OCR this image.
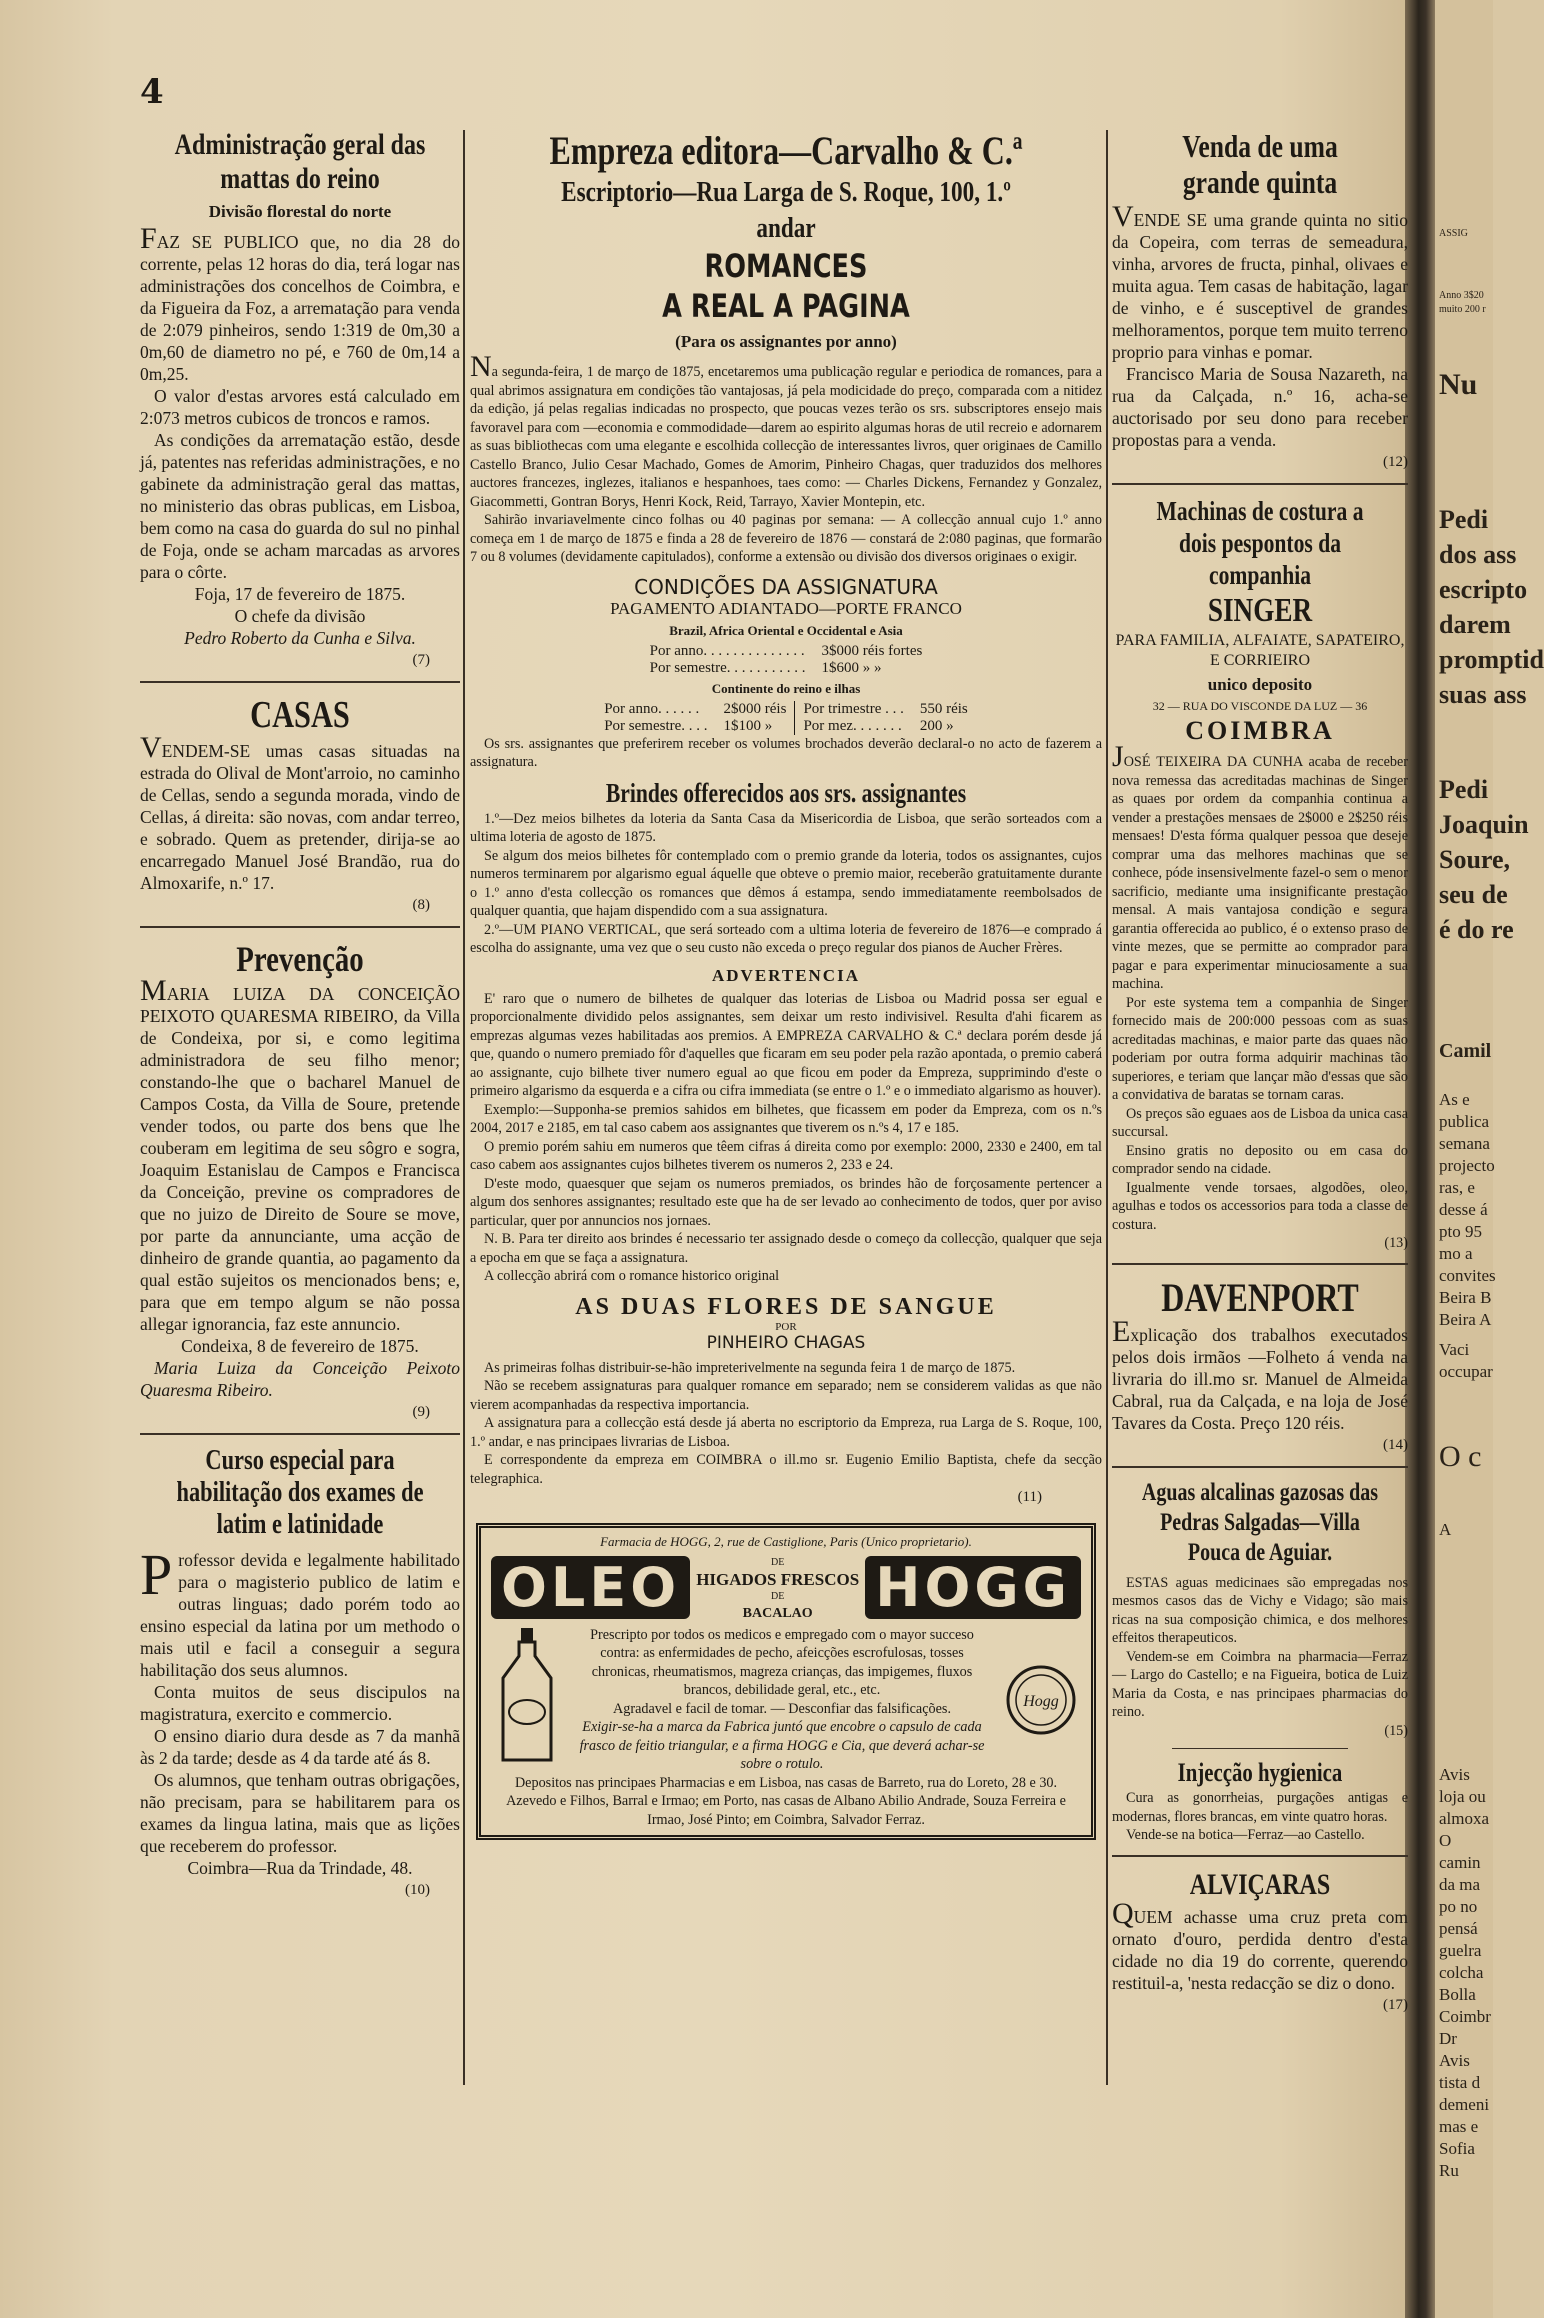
ASSIG
Anno 3$20
muito 200 r
Nu
Pedi
dos ass
escripto
darem
promptid
suas ass
Pedi
Joaquin
Soure,
seu de
é do re
Camil
As e
publica
semana
projecto
ras, e
desse á
pto 95
mo a
convites
Beira B
Beira A
Vaci
occupar
O c
A
Avis
loja ou
almoxa
O
camin
da ma
po no
pensá
guelra
colcha
Bolla
Coimbr
Dr
Avis
tista d
demeni
mas e
Sofia
Ru
4
Administração geral das mattas do reino
Divisão florestal do norte

FAZ SE PUBLICO que, no dia 28 do corrente, pelas 12 horas do dia, terá logar nas administrações dos concelhos de Coimbra, e da Figueira da Foz, a arrematação para venda de 2:079 pinheiros, sendo 1:319 de 0m,30 a 0m,60 de diametro no pé, e 760 de 0m,14 a 0m,25.

O valor d'estas arvores está calculado em 2:073 metros cubicos de troncos e ramos.

As condições da arrematação estão, desde já, patentes nas referidas administrações, e no gabinete da administração geral das mattas, no ministerio das obras publicas, em Lisboa, bem como na casa do guarda do sul no pinhal de Foja, onde se acham marcadas as arvores para o côrte.

Foja, 17 de fevereiro de 1875.

O chefe da divisão

Pedro Roberto da Cunha e Silva.

(7)

CASAS

VENDEM-SE umas casas situadas na estrada do Olival de Mont'arroio, no caminho de Cellas, sendo a segunda morada, vindo de Cellas, á direita: são novas, com andar terreo, e sobrado. Quem as pretender, dirija-se ao encarregado Manuel José Brandão, rua do Almoxarife, n.º 17.

(8)

Prevenção

MARIA LUIZA DA CONCEIÇÃO PEIXOTO QUARESMA RIBEIRO, da Villa de Condeixa, por si, e como legitima administradora de seu filho menor; constando-lhe que o bacharel Manuel de Campos Costa, da Villa de Soure, pretende vender todos, ou parte dos bens que lhe couberam em legitima de seu sôgro e sogra, Joaquim Estanislau de Campos e Francisca da Conceição, previne os compradores de que no juizo de Direito de Soure se move, por parte da annunciante, uma acção de dinheiro de grande quantia, ao pagamento da qual estão sujeitos os mencionados bens; e, para que em tempo algum se não possa allegar ignorancia, faz este annuncio.

Condeixa, 8 de fevereiro de 1875.

Maria Luiza da Conceição Peixoto Quaresma Ribeiro.

(9)

Curso especial para habilitação dos exames de latim e latinidade

Professor devida e legalmente habilitado para o magisterio publico de latim e outras linguas; dado porém todo ao ensino especial da latina por um methodo o mais util e facil a conseguir a segura habilitação dos seus alumnos.

Conta muitos de seus discipulos na magistratura, exercito e commercio.

O ensino diario dura desde as 7 da manhã às 2 da tarde; desde as 4 da tarde até ás 8.

Os alumnos, que tenham outras obrigações, não precisam, para se habilitarem para os exames da lingua latina, mais que as lições que receberem do professor.

Coimbra—Rua da Trindade, 48.

(10)

Empreza editora—Carvalho & C.ª
Escriptorio—Rua Larga de S. Roque, 100, 1.º andar
ROMANCES
A REAL A PAGINA
(Para os assignantes por anno)

Na segunda-feira, 1 de março de 1875, encetaremos uma publicação regular e periodica de romances, para a qual abrimos assignatura em condições tão vantajosas, já pela modicidade do preço, comparada com a nitidez da edição, já pelas regalias indicadas no prospecto, que poucas vezes terão os srs. subscriptores ensejo mais favoravel para com —economia e commodidade—darem ao espirito algumas horas de util recreio e adornarem as suas bibliothecas com uma elegante e escolhida collecção de interessantes livros, quer originaes de Camillo Castello Branco, Julio Cesar Machado, Gomes de Amorim, Pinheiro Chagas, quer traduzidos dos melhores auctores francezes, inglezes, italianos e hespanhoes, taes como: — Charles Dickens, Fernandez y Gonzalez, Giacommetti, Gontran Borys, Henri Kock, Reid, Tarrayo, Xavier Montepin, etc.

Sahirão invariavelmente cinco folhas ou 40 paginas por semana: — A collecção annual cujo 1.º anno começa em 1 de março de 1875 e finda a 28 de fevereiro de 1876 — constará de 2:080 paginas, que formarão 7 ou 8 volumes (devidamente capitulados), conforme a extensão ou divisão dos diversos originaes o exigir.

CONDIÇÕES DA ASSIGNATURA
PAGAMENTO ADIANTADO—PORTE FRANCO
Brazil, Africa Oriental e Occidental e Asia
Por anno. . . . . . . . . . . . . .	3$000 réis fortes
Por semestre. . . . . . . . . . .	1$600 » »
Continente do reino e ilhas
Por anno. . . . . .	2$000 réis	Por trimestre . . .	550 réis
Por semestre. . . .	1$100 »	Por mez. . . . . . .	200 »

Os srs. assignantes que preferirem receber os volumes brochados deverão declaral-o no acto de fazerem a assignatura.

Brindes offerecidos aos srs. assignantes

1.º—Dez meios bilhetes da loteria da Santa Casa da Misericordia de Lisboa, que serão sorteados com a ultima loteria de agosto de 1875.

Se algum dos meios bilhetes fôr contemplado com o premio grande da loteria, todos os assignantes, cujos numeros terminarem por algarismo egual áquelle que obteve o premio maior, receberão gratuitamente durante o 1.º anno d'esta collecção os romances que dêmos á estampa, sendo immediatamente reembolsados de qualquer quantia, que hajam dispendido com a sua assignatura.

2.º—UM PIANO VERTICAL, que será sorteado com a ultima loteria de fevereiro de 1876—e comprado á escolha do assignante, uma vez que o seu custo não exceda o preço regular dos pianos de Aucher Frères.

ADVERTENCIA

E' raro que o numero de bilhetes de qualquer das loterias de Lisboa ou Madrid possa ser egual e proporcionalmente dividido pelos assignantes, sem deixar um resto indivisivel. Resulta d'ahi ficarem as emprezas algumas vezes habilitadas aos premios. A EMPREZA CARVALHO & C.ª declara porém desde já que, quando o numero premiado fôr d'aquelles que ficaram em seu poder pela razão apontada, o premio caberá ao assignante, cujo bilhete tiver numero egual ao que ficou em poder da Empreza, supprimindo d'este o primeiro algarismo da esquerda e a cifra ou cifra immediata (se entre o 1.º e o immediato algarismo as houver).

Exemplo:—Supponha-se premios sahidos em bilhetes, que ficassem em poder da Empreza, com os n.ºs 2004, 2017 e 2185, em tal caso cabem aos assignantes que tiverem os n.ºs 4, 17 e 185.

O premio porém sahiu em numeros que têem cifras á direita como por exemplo: 2000, 2330 e 2400, em tal caso cabem aos assignantes cujos bilhetes tiverem os numeros 2, 233 e 24.

D'este modo, quaesquer que sejam os numeros premiados, os brindes hão de forçosamente pertencer a algum dos senhores assignantes; resultado este que ha de ser levado ao conhecimento de todos, quer por aviso particular, quer por annuncios nos jornaes.

N. B. Para ter direito aos brindes é necessario ter assignado desde o começo da collecção, qualquer que seja a epocha em que se faça a assignatura.

A collecção abrirá com o romance historico original

AS DUAS FLORES DE SANGUE
POR
PINHEIRO CHAGAS

As primeiras folhas distribuir-se-hão impreterivelmente na segunda feira 1 de março de 1875.

Não se recebem assignaturas para qualquer romance em separado; nem se considerem validas as que não vierem acompanhadas da respectiva importancia.

A assignatura para a collecção está desde já aberta no escriptorio da Empreza, rua Larga de S. Roque, 100, 1.º andar, e nas principaes livrarias de Lisboa.

E correspondente da empreza em COIMBRA o ill.mo sr. Eugenio Emilio Baptista, chefe da secção telegraphica.

(11)

Farmacia de HOGG, 2, rue de Castiglione, Paris (Unico proprietario).
OLEO	DE
HIGADOS FRESCOS
DE
BACALAO	HOGG

Prescripto por todos os medicos e empregado com o mayor succeso contra: as enfermidades de pecho, afeicções escrofulosas, tosses chronicas, rheumatismos, magreza crianças, das impigemes, fluxos brancos, debilidade geral, etc., etc.

Agradavel e facil de tomar. — Desconfiar das falsificações.

Exigir-se-ha a marca da Fabrica juntó que encobre o capsulo de cada frasco de feitio triangular, e a firma HOGG e Cia, que deverá achar-se sobre o rotulo.

Hogg

Depositos nas principaes Pharmacias e em Lisboa, nas casas de Barreto, rua do Loreto, 28 e 30. Azevedo e Filhos, Barral e Irmao; em Porto, nas casas de Albano Abilio Andrade, Souza Ferreira e Irmao, José Pinto; em Coimbra, Salvador Ferraz.

Venda de uma grande quinta

VENDE SE uma grande quinta no sitio da Copeira, com terras de semeadura, vinha, arvores de fructa, pinhal, olivaes e muita agua. Tem casas de habitação, lagar de vinho, e é susceptivel de grandes melhoramentos, porque tem muito terreno proprio para vinhas e pomar.

Francisco Maria de Sousa Nazareth, na rua da Calçada, n.º 16, acha-se auctorisado por seu dono para receber propostas para a venda.

(12)

Machinas de costura a dois pespontos da companhia
SINGER
PARA FAMILIA, ALFAIATE, SAPATEIRO, E CORRIEIRO
unico deposito
32 — RUA DO VISCONDE DA LUZ — 36
COIMBRA

JOSÉ TEIXEIRA DA CUNHA acaba de receber nova remessa das acreditadas machinas de Singer as quaes por ordem da companhia continua a vender a prestações mensaes de 2$000 e 2$250 réis mensaes! D'esta fórma qualquer pessoa que deseje comprar uma das melhores machinas que se conhece, póde insensivelmente fazel-o sem o menor sacrificio, mediante uma insignificante prestação mensal. A mais vantajosa condição e segura garantia offerecida ao publico, é o extenso praso de vinte mezes, que se permitte ao comprador para pagar e para experimentar minuciosamente a sua machina.

Por este systema tem a companhia de Singer fornecido mais de 200:000 pessoas com as suas acreditadas machinas, e maior parte das quaes não poderiam por outra forma adquirir machinas tão superiores, e teriam que lançar mão d'essas que são a convidativa de baratas se tornam caras.

Os preços são eguaes aos de Lisboa da unica casa succursal.

Ensino gratis no deposito ou em casa do comprador sendo na cidade.

Igualmente vende torsaes, algodões, oleo, agulhas e todos os accessorios para toda a classe de costura.

(13)

DAVENPORT

Explicação dos trabalhos executados pelos dois irmãos —Folheto á venda na livraria do ill.mo sr. Manuel de Almeida Cabral, rua da Calçada, e na loja de José Tavares da Costa. Preço 120 réis.

(14)

Aguas alcalinas gazosas das Pedras Salgadas—Villa Pouca de Aguiar.

ESTAS aguas medicinaes são empregadas nos mesmos casos das de Vichy e Vidago; são mais ricas na sua composição chimica, e dos melhores effeitos therapeuticos.

Vendem-se em Coimbra na pharmacia—Ferraz — Largo do Castello; e na Figueira, botica de Luiz Maria da Costa, e nas principaes pharmacias do reino.

(15)

Injecção hygienica

Cura as gonorrheias, purgações antigas e modernas, flores brancas, em vinte quatro horas.

Vende-se na botica—Ferraz—ao Castello.

ALVIÇARAS

QUEM achasse uma cruz preta com ornato d'ouro, perdida dentro d'esta cidade no dia 19 do corrente, querendo restituil-a, 'nesta redacção se diz o dono.

(17)
